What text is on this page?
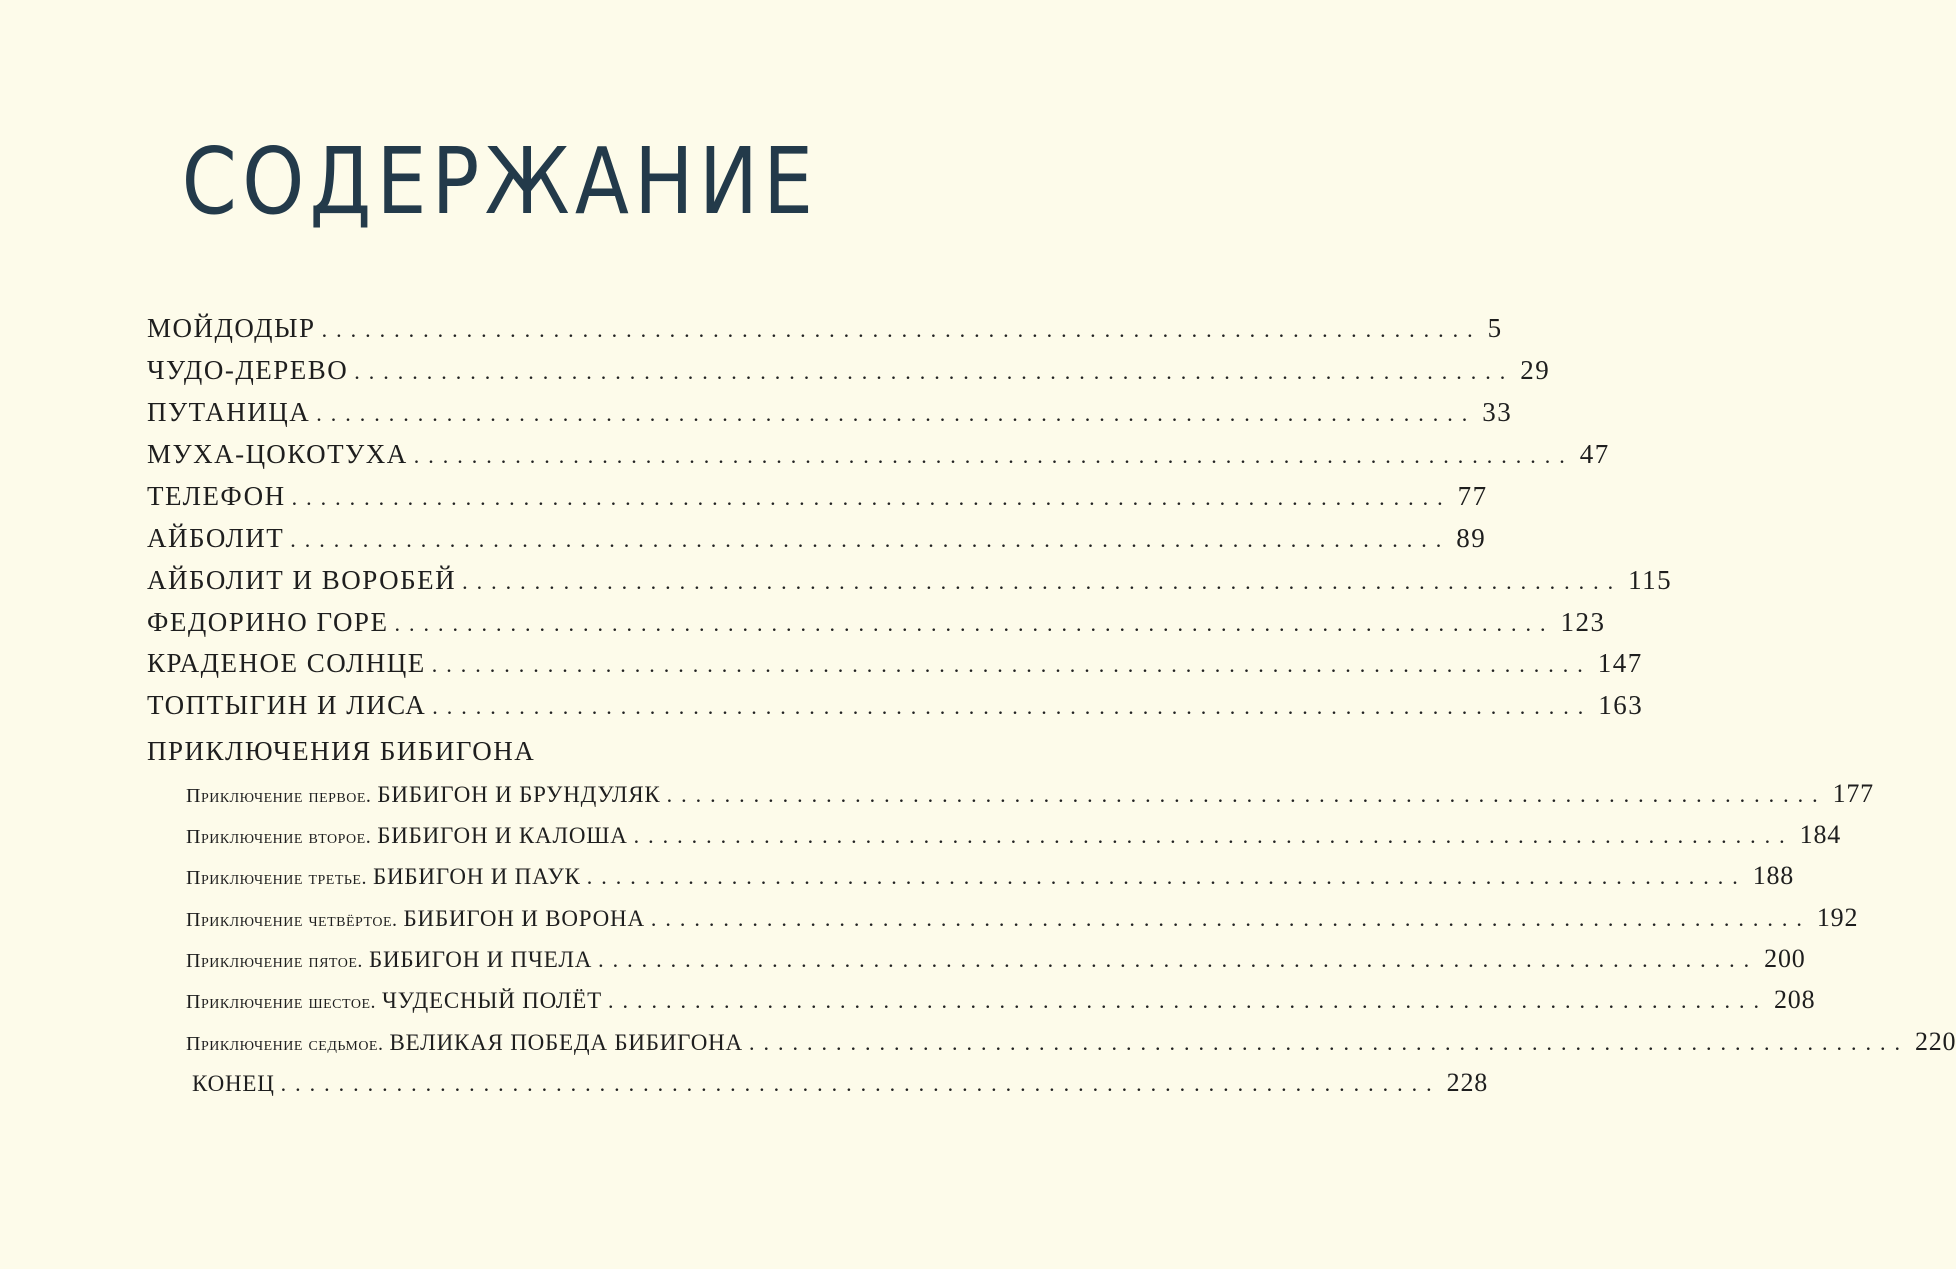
СОДЕРЖАНИЕ
МОЙДОДЫР ................................................................................ 5
ЧУДО-ДЕРЕВО ................................................................................ 29
ПУТАНИЦА ................................................................................ 33
МУХА-ЦОКОТУХА ................................................................................ 47
ТЕЛЕФОН ................................................................................ 77
АЙБОЛИТ ................................................................................ 89
АЙБОЛИТ И ВОРОБЕЙ ................................................................................ 115
ФЕДОРИНО ГОРЕ ................................................................................ 123
КРАДЕНОЕ СОЛНЦЕ ................................................................................ 147
ТОПТЫГИН И ЛИСА ................................................................................ 163
ПРИКЛЮЧЕНИЯ БИБИГОНА
Приключение первое. БИБИГОН И БРУНДУЛЯК ................................................................................ 177
Приключение второе. БИБИГОН И КАЛОША ................................................................................ 184
Приключение третье. БИБИГОН И ПАУК ................................................................................ 188
Приключение четвёртое. БИБИГОН И ВОРОНА ................................................................................ 192
Приключение пятое. БИБИГОН И ПЧЕЛА ................................................................................ 200
Приключение шестое. ЧУДЕСНЫЙ ПОЛЁТ ................................................................................ 208
Приключение седьмое. ВЕЛИКАЯ ПОБЕДА БИБИГОНА ................................................................................ 220
КОНЕЦ ................................................................................ 228
